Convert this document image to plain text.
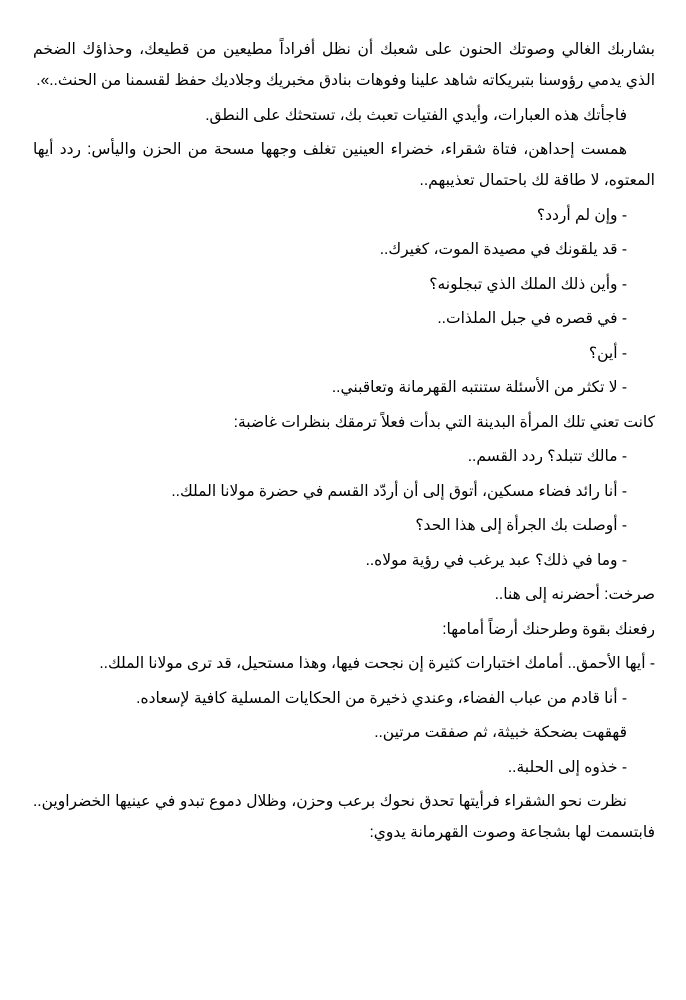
بشاربك الغالي وصوتك الحنون على شعبك أن نظل أفراداً مطيعين من قطيعك، وحذاؤك الضخم الذي يدمي رؤوسنا بتبريكاته شاهد علينا وفوهات بنادق مخبريك وجلاديك حفظ لقسمنا من الحنث..».

فاجأتك هذه العبارات، وأيدي الفتيات تعبث بك، تستحثك على النطق.

همست إحداهن، فتاة شقراء، خضراء العينين تغلف وجهها مسحة من الحزن واليأس: ردد أيها المعتوه، لا طاقة لك باحتمال تعذيبهم..

- وإن لم أردد؟

- قد يلقونك في مصيدة الموت، كغيرك..

- وأين ذلك الملك الذي تبجلونه؟

- في قصره في جبل الملذات..

- أين؟

- لا تكثر من الأسئلة ستنتبه القهرمانة وتعاقبني..

كانت تعني تلك المرأة البدينة التي بدأت فعلاً ترمقك بنظرات غاضبة:

- مالك تتبلد؟ ردد القسم..

- أنا رائد فضاء مسكين، أتوق إلى أن أردّد القسم في حضرة مولانا الملك..

- أوصلت بك الجرأة إلى هذا الحد؟

- وما في ذلك؟ عبد يرغب في رؤية مولاه..

صرخت: أحضرنه إلى هنا..

رفعنك بقوة وطرحنك أرضاً أمامها:

- أيها الأحمق.. أمامك اختبارات كثيرة إن نجحت فيها، وهذا مستحيل، قد ترى مولانا الملك..

- أنا قادم من عباب الفضاء، وعندي ذخيرة من الحكايات المسلية كافية لإسعاده.

قهقهت بضحكة خبيثة، ثم صفقت مرتين..

- خذوه إلى الحلبة..

نظرت نحو الشقراء فرأيتها تحدق نحوك برعب وحزن، وظلال دموع تبدو في عينيها الخضراوين.. فابتسمت لها بشجاعة وصوت القهرمانة يدوي:
